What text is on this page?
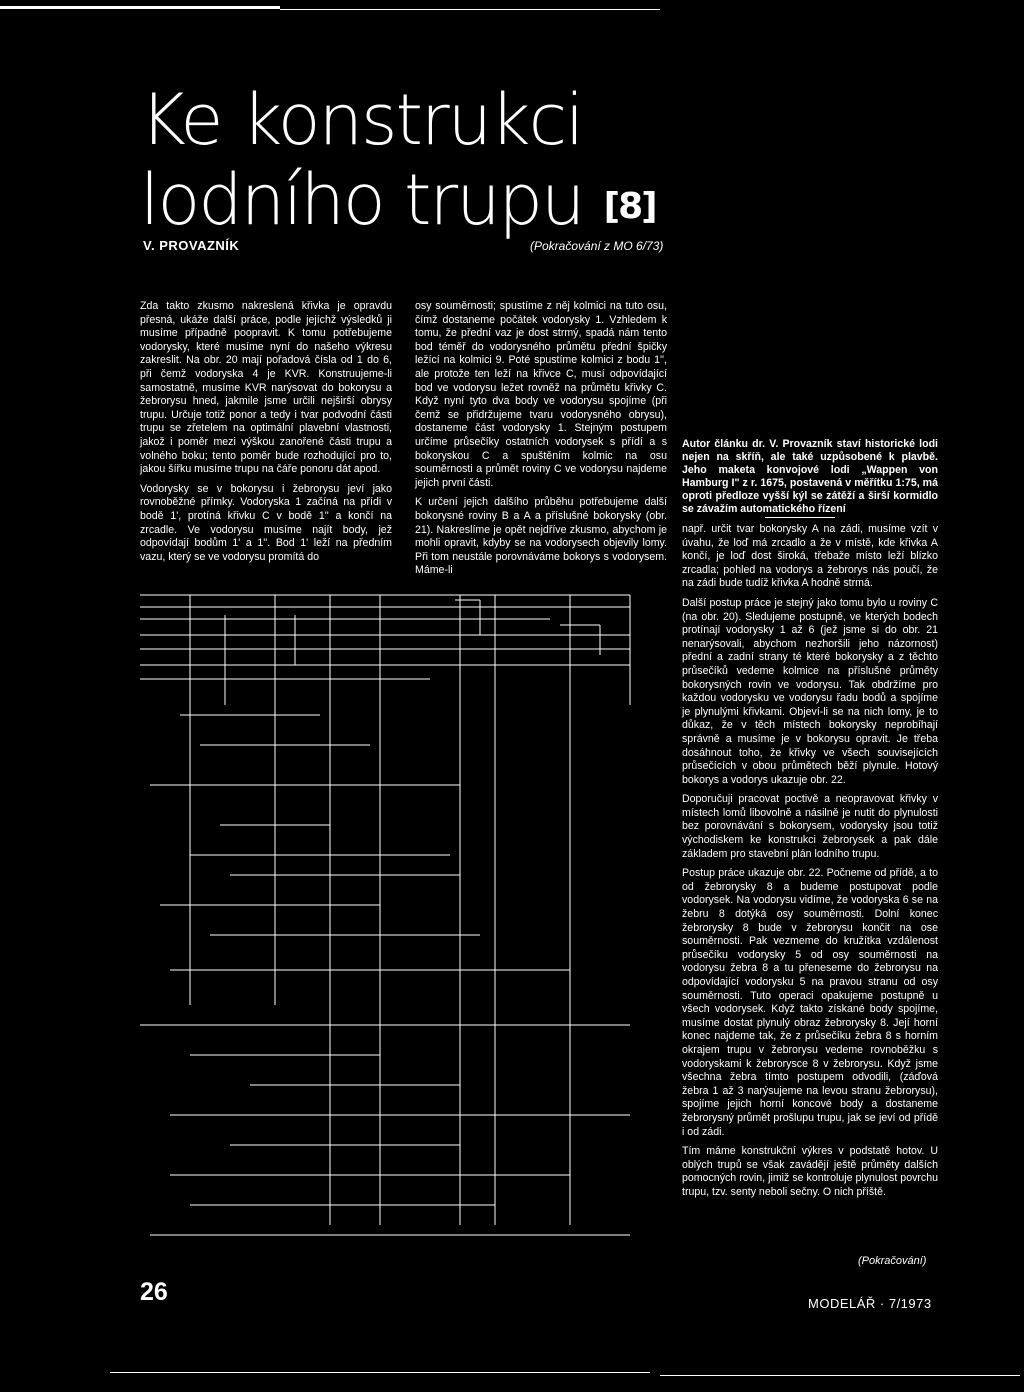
Ke konstrukci
lodního trupu [8]
V. PROVAZNÍK	(Pokračování z MO 6/73)

Zda takto zkusmo nakreslená křivka je opravdu přesná, ukáže další práce, podle jejíchž výsledků ji musíme případně poopravit. K tomu potřebujeme vodorysky, které musíme nyní do našeho výkresu zakreslit. Na obr. 20 mají pořadová čísla od 1 do 6, při čemž vodoryska 4 je KVR. Konstruujeme-li samostatně, musíme KVR narýsovat do bokorysu a žebrorysu hned, jakmile jsme určili nejširší obrysy trupu. Určuje totiž ponor a tedy i tvar podvodní části trupu se zřetelem na optimální plavební vlastnosti, jakož i poměr mezi výškou zanořené části trupu a volného boku; tento poměr bude rozhodující pro to, jakou šířku musíme trupu na čáře ponoru dát apod.

Vodorysky se v bokorysu i žebrorysu jeví jako rovnoběžné přímky. Vodoryska 1 začíná na přídi v bodě 1', protíná křivku C v bodě 1'' a končí na zrcadle. Ve vodorysu musíme najít body, jež odpovídají bodům 1' a 1''. Bod 1' leží na předním vazu, který se ve vodorysu promítá do

osy souměrnosti; spustíme z něj kolmici na tuto osu, čímž dostaneme počátek vodorysky 1. Vzhledem k tomu, že přední vaz je dost strmý, spadá nám tento bod téměř do vodorysného průmětu přední špičky ležící na kolmici 9. Poté spustíme kolmici z bodu 1'', ale protože ten leží na křivce C, musí odpovídající bod ve vodorysu ležet rovněž na průmětu křivky C. Když nyní tyto dva body ve vodorysu spojíme (při čemž se přidržujeme tvaru vodorysného obrysu), dostaneme část vodorysky 1. Stejným postupem určíme průsečíky ostatních vodorysek s přídí a s bokoryskou C a spuštěním kolmic na osu souměrnosti a průmět roviny C ve vodorysu najdeme jejich první části.

K určení jejich dalšího průběhu potřebujeme další bokorysné roviny B a A a příslušné bokorysky (obr. 21). Nakreslíme je opět nejdříve zkusmo, abychom je mohli opravit, kdyby se na vodorysech objevily lomy. Při tom neustále porovnáváme bokorys s vodorysem. Máme-li

Autor článku dr. V. Provazník staví historické lodi nejen na skříň, ale také uzpůsobené k plavbě. Jeho maketa konvojové lodi „Wappen von Hamburg I" z r. 1675, postavená v měřítku 1:75, má oproti předloze vyšší kýl se zátěží a širší kormidlo se závažím automatického řízení

např. určit tvar bokorysky A na zádi, musíme vzít v úvahu, že loď má zrcadlo a že v místě, kde křivka A končí, je loď dost široká, třebaže místo leží blízko zrcadla; pohled na vodorys a žebrorys nás poučí, že na zádi bude tudíž křivka A hodně strmá.

Další postup práce je stejný jako tomu bylo u roviny C (na obr. 20). Sledujeme postupně, ve kterých bodech protínají vodorysky 1 až 6 (jež jsme si do obr. 21 nenarýsovali, abychom nezhoršili jeho názornost) přední a zadní strany té které bokorysky a z těchto průsečíků vedeme kolmice na příslušné průměty bokorysných rovin ve vodorysu. Tak obdržíme pro každou vodorysku ve vodorysu řadu bodů a spojíme je plynulými křivkami. Objeví-li se na nich lomy, je to důkaz, že v těch místech bokorysky neprobíhají správně a musíme je v bokorysu opravit. Je třeba dosáhnout toho, že křivky ve všech souvisejících průsečících v obou průmětech běží plynule. Hotový bokorys a vodorys ukazuje obr. 22.

Doporučuji pracovat poctivě a neopravovat křivky v místech lomů libovolně a násilně je nutit do plynulosti bez porovnávání s bokorysem, vodorysky jsou totiž východiskem ke konstrukci žebrorysek a pak dále základem pro stavební plán lodního trupu.

Postup práce ukazuje obr. 22. Počneme od přídě, a to od žebrorysky 8 a budeme postupovat podle vodorysek. Na vodorysu vidíme, že vodoryska 6 se na žebru 8 dotýká osy souměrnosti. Dolní konec žebrorysky 8 bude v žebrorysu končit na ose souměrnosti. Pak vezmeme do kružítka vzdálenost průsečíku vodorysky 5 od osy souměrnosti na vodorysu žebra 8 a tu přeneseme do žebrorysu na odpovídající vodorysku 5 na pravou stranu od osy souměrnosti. Tuto operaci opakujeme postupně u všech vodorysek. Když takto získané body spojíme, musíme dostat plynulý obraz žebrorysky 8. Její horní konec najdeme tak, že z průsečíku žebra 8 s horním okrajem trupu v žebrorysu vedeme rovnoběžku s vodoryskami k žebrorysce 8 v žebrorysu. Když jsme všechna žebra tímto postupem odvodili, (záďová žebra 1 až 3 narýsujeme na levou stranu žebrorysu), spojíme jejich horní koncové body a dostaneme žebrorysný průmět prošlupu trupu, jak se jeví od přídě i od zádi.

Tím máme konstrukční výkres v podstatě hotov. U oblých trupů se však zavádějí ještě průměty dalších pomocných rovin, jimiž se kontroluje plynulost povrchu trupu, tzv. senty neboli sečny. O nich příště.

(Pokračování)
26	MODELÁŘ · 7/1973
